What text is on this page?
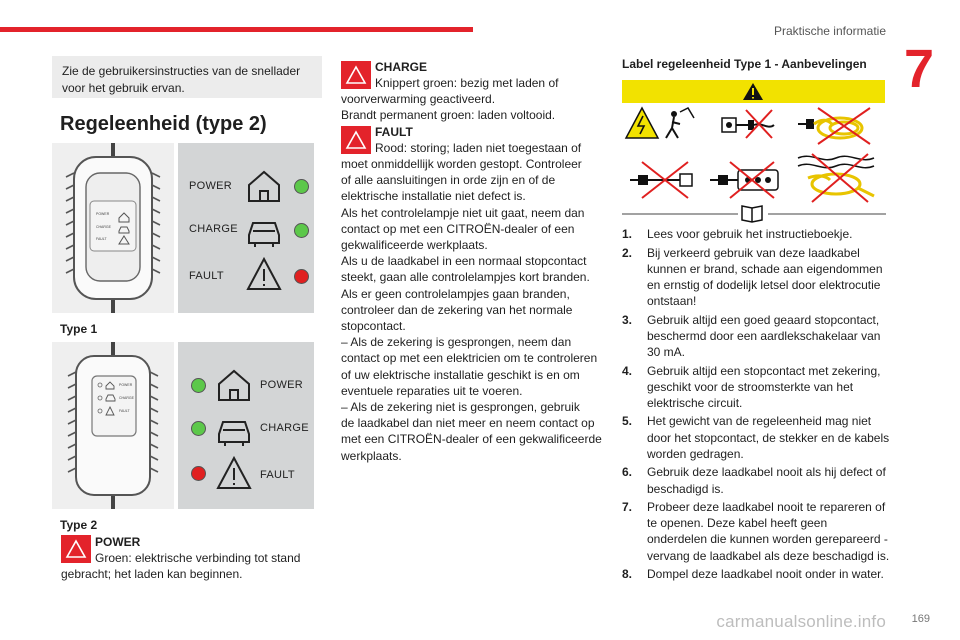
Praktische informatie
7

Zie de gebruikersinstructies van de snellader voor het gebruik ervan.

Regeleenheid (type 2)
POWER
CHARGE
FAULT
POWER
CHARGE
FAULT
Type 1
POWER
CHARGE
FAULT
POWER
CHARGE
FAULT
Type 2
POWER
Groen: elektrische verbinding tot stand
gebracht; het laden kan beginnen.
CHARGE
Knippert groen: bezig met laden of
voorverwarming geactiveerd.
Brandt permanent groen: laden voltooid.
FAULT
Rood: storing; laden niet toegestaan of
moet onmiddellijk worden gestopt. Controleer
of alle aansluitingen in orde zijn en of de
elektrische installatie niet defect is.
Als het controlelampje niet uit gaat, neem dan
contact op met een CITROËN-dealer of een
gekwalificeerde werkplaats.
Als u de laadkabel in een normaal stopcontact
steekt, gaan alle controlelampjes kort branden.
Als er geen controlelampjes gaan branden,
controleer dan de zekering van het normale
stopcontact.
– Als de zekering is gesprongen, neem dan
contact op met een elektricien om te controleren
of uw elektrische installatie geschikt is en om
eventuele reparaties uit te voeren.
– Als de zekering niet is gesprongen, gebruik
de laadkabel dan niet meer en neem contact op
met een CITROËN-dealer of een gekwalificeerde
werkplaats.
Label regeleenheid Type 1 - Aanbevelingen
1. Lees voor gebruik het instructieboekje.
2. Bij verkeerd gebruik van deze laadkabel kunnen er brand, schade aan eigendommen en ernstig of dodelijk letsel door elektrocutie ontstaan!
3. Gebruik altijd een goed geaard stopcontact, beschermd door een aardlekschakelaar van 30 mA.
4. Gebruik altijd een stopcontact met zekering, geschikt voor de stroomsterkte van het elektrische circuit.
5. Het gewicht van de regeleenheid mag niet door het stopcontact, de stekker en de kabels worden gedragen.
6. Gebruik deze laadkabel nooit als hij defect of beschadigd is.
7. Probeer deze laadkabel nooit te repareren of te openen. Deze kabel heeft geen onderdelen die kunnen worden gerepareerd - vervang de laadkabel als deze beschadigd is.
8. Dompel deze laadkabel nooit onder in water.
carmanualsonline.info 169
